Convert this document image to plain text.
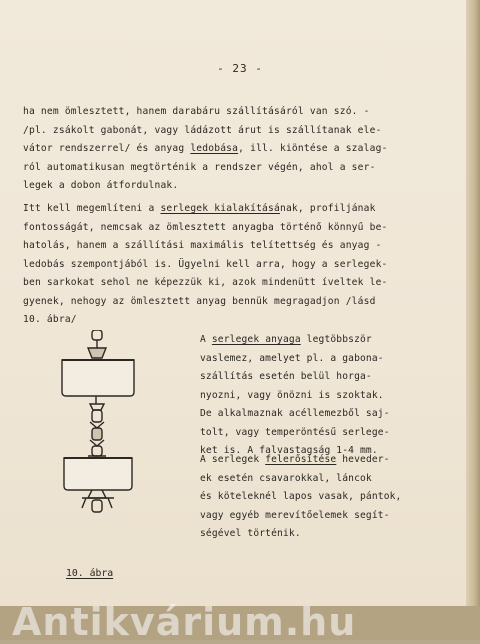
Antikvárium.hu
- 23 -
ha nem ömlesztett, hanem darabáru szállításáról van szó. -
/pl. zsákolt gabonát, vagy ládázott árut is szállítanak ele-
vátor rendszerrel/ és anyag ledobása, ill. kiöntése a szalag-
ról automatikusan megtörténik a rendszer végén, ahol a ser-
legek a dobon átfordulnak.
Itt kell megemlíteni a serlegek kialakításának, profiljának
fontosságát, nemcsak az ömlesztett anyagba történő könnyű be-
hatolás, hanem a szállítási maximális telítettség és anyag -
ledobás szempontjából is. Ügyelni kell arra, hogy a serlegek-
ben sarkokat sehol ne képezzük ki, azok mindenütt íveltek le-
gyenek, nehogy az ömlesztett anyag bennük megragadjon /lásd
10. ábra/
A serlegek anyaga legtöbbször
vaslemez, amelyet pl. a gabona-
szállítás esetén belül horga-
nyozni, vagy önözni is szoktak.
De alkalmaznak acéllemezből saj-
tolt, vagy temperöntésű serlege-
ket is. A falvastagság 1-4 mm.
A serlegek felerősítése heveder-
ek esetén csavarokkal, láncok
és köteleknél lapos vasak, pántok,
vagy egyéb merevítőelemek segít-
ségével történik.
10. ábra
